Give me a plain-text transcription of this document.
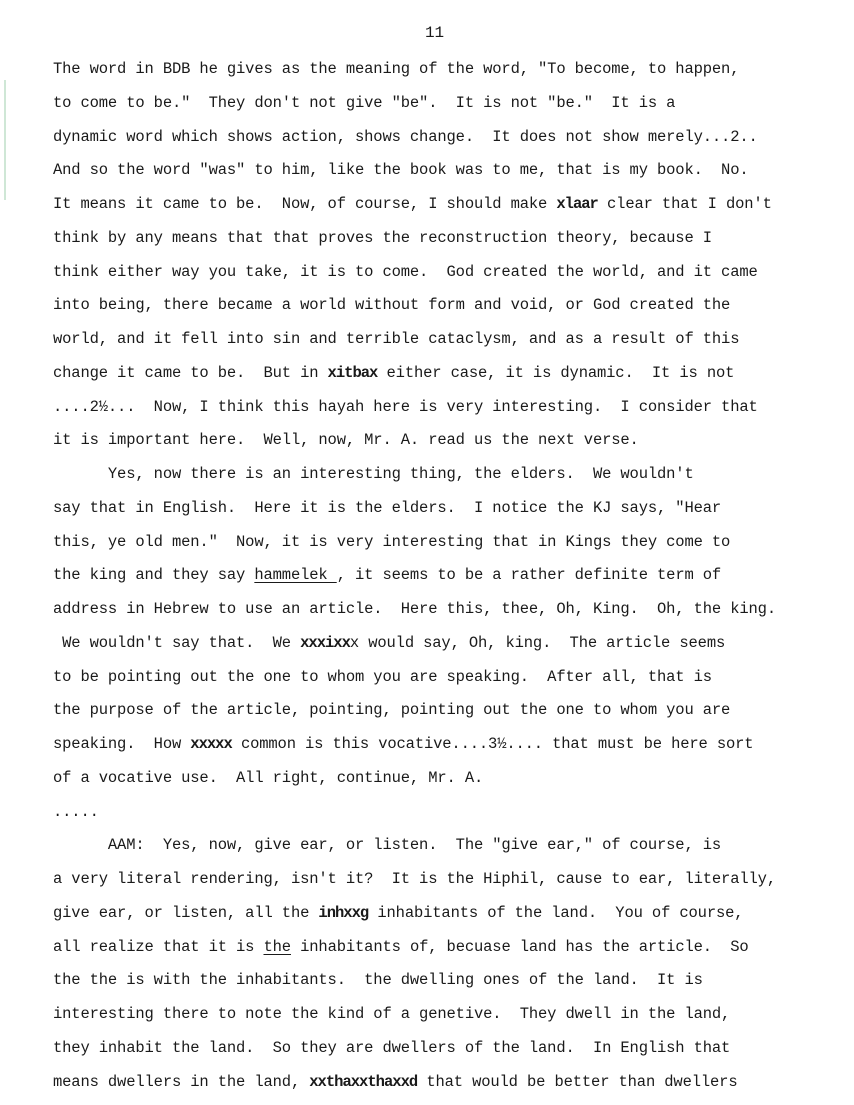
11
The word in BDB he gives as the meaning of the word, "To become, to happen,
to come to be."  They don't not give "be".  It is not "be."  It is a
dynamic word which shows action, shows change.  It does not show merely...2..
And so the word "was" to him, like the book was to me, that is my book.  No.
It means it came to be.  Now, of course, I should make xlaar clear that I don't
think by any means that that proves the reconstruction theory, because I
think either way you take, it is to come.  God created the world, and it came
into being, there became a world without form and void, or God created the
world, and it fell into sin and terrible cataclysm, and as a result of this
change it came to be.  But in xitbax either case, it is dynamic.  It is not
....2½...  Now, I think this hayah here is very interesting.  I consider that
it is important here.  Well, now, Mr. A. read us the next verse.
Yes, now there is an interesting thing, the elders.  We wouldn't
say that in English.  Here it is the elders.  I notice the KJ says, "Hear
this, ye old men."  Now, it is very interesting that in Kings they come to
the king and they say hammelek , it seems to be a rather definite term of
address in Hebrew to use an article.  Here this, thee, Oh, King.  Oh, the king.
We wouldn't say that.  We xxxixxx would say, Oh, king.  The article seems
to be pointing out the one to whom you are speaking.  After all, that is
the purpose of the article, pointing, pointing out the one to whom you are
speaking.  How xxxxx common is this vocative....3½.... that must be here sort
of a vocative use.  All right, continue, Mr. A.
.....
AAM:  Yes, now, give ear, or listen.  The "give ear," of course, is
a very literal rendering, isn't it?  It is the Hiphil, cause to ear, literally,
give ear, or listen, all the inhxxg inhabitants of the land.  You of course,
all realize that it is the inhabitants of, becuase land has the article.  So
the the is with the inhabitants.  the dwelling ones of the land.  It is
interesting there to note the kind of a genetive.  They dwell in the land,
they inhabit the land.  So they are dwellers of the land.  In English that
means dwellers in the land, xxthaxxthaxxd that would be better than dwellers
